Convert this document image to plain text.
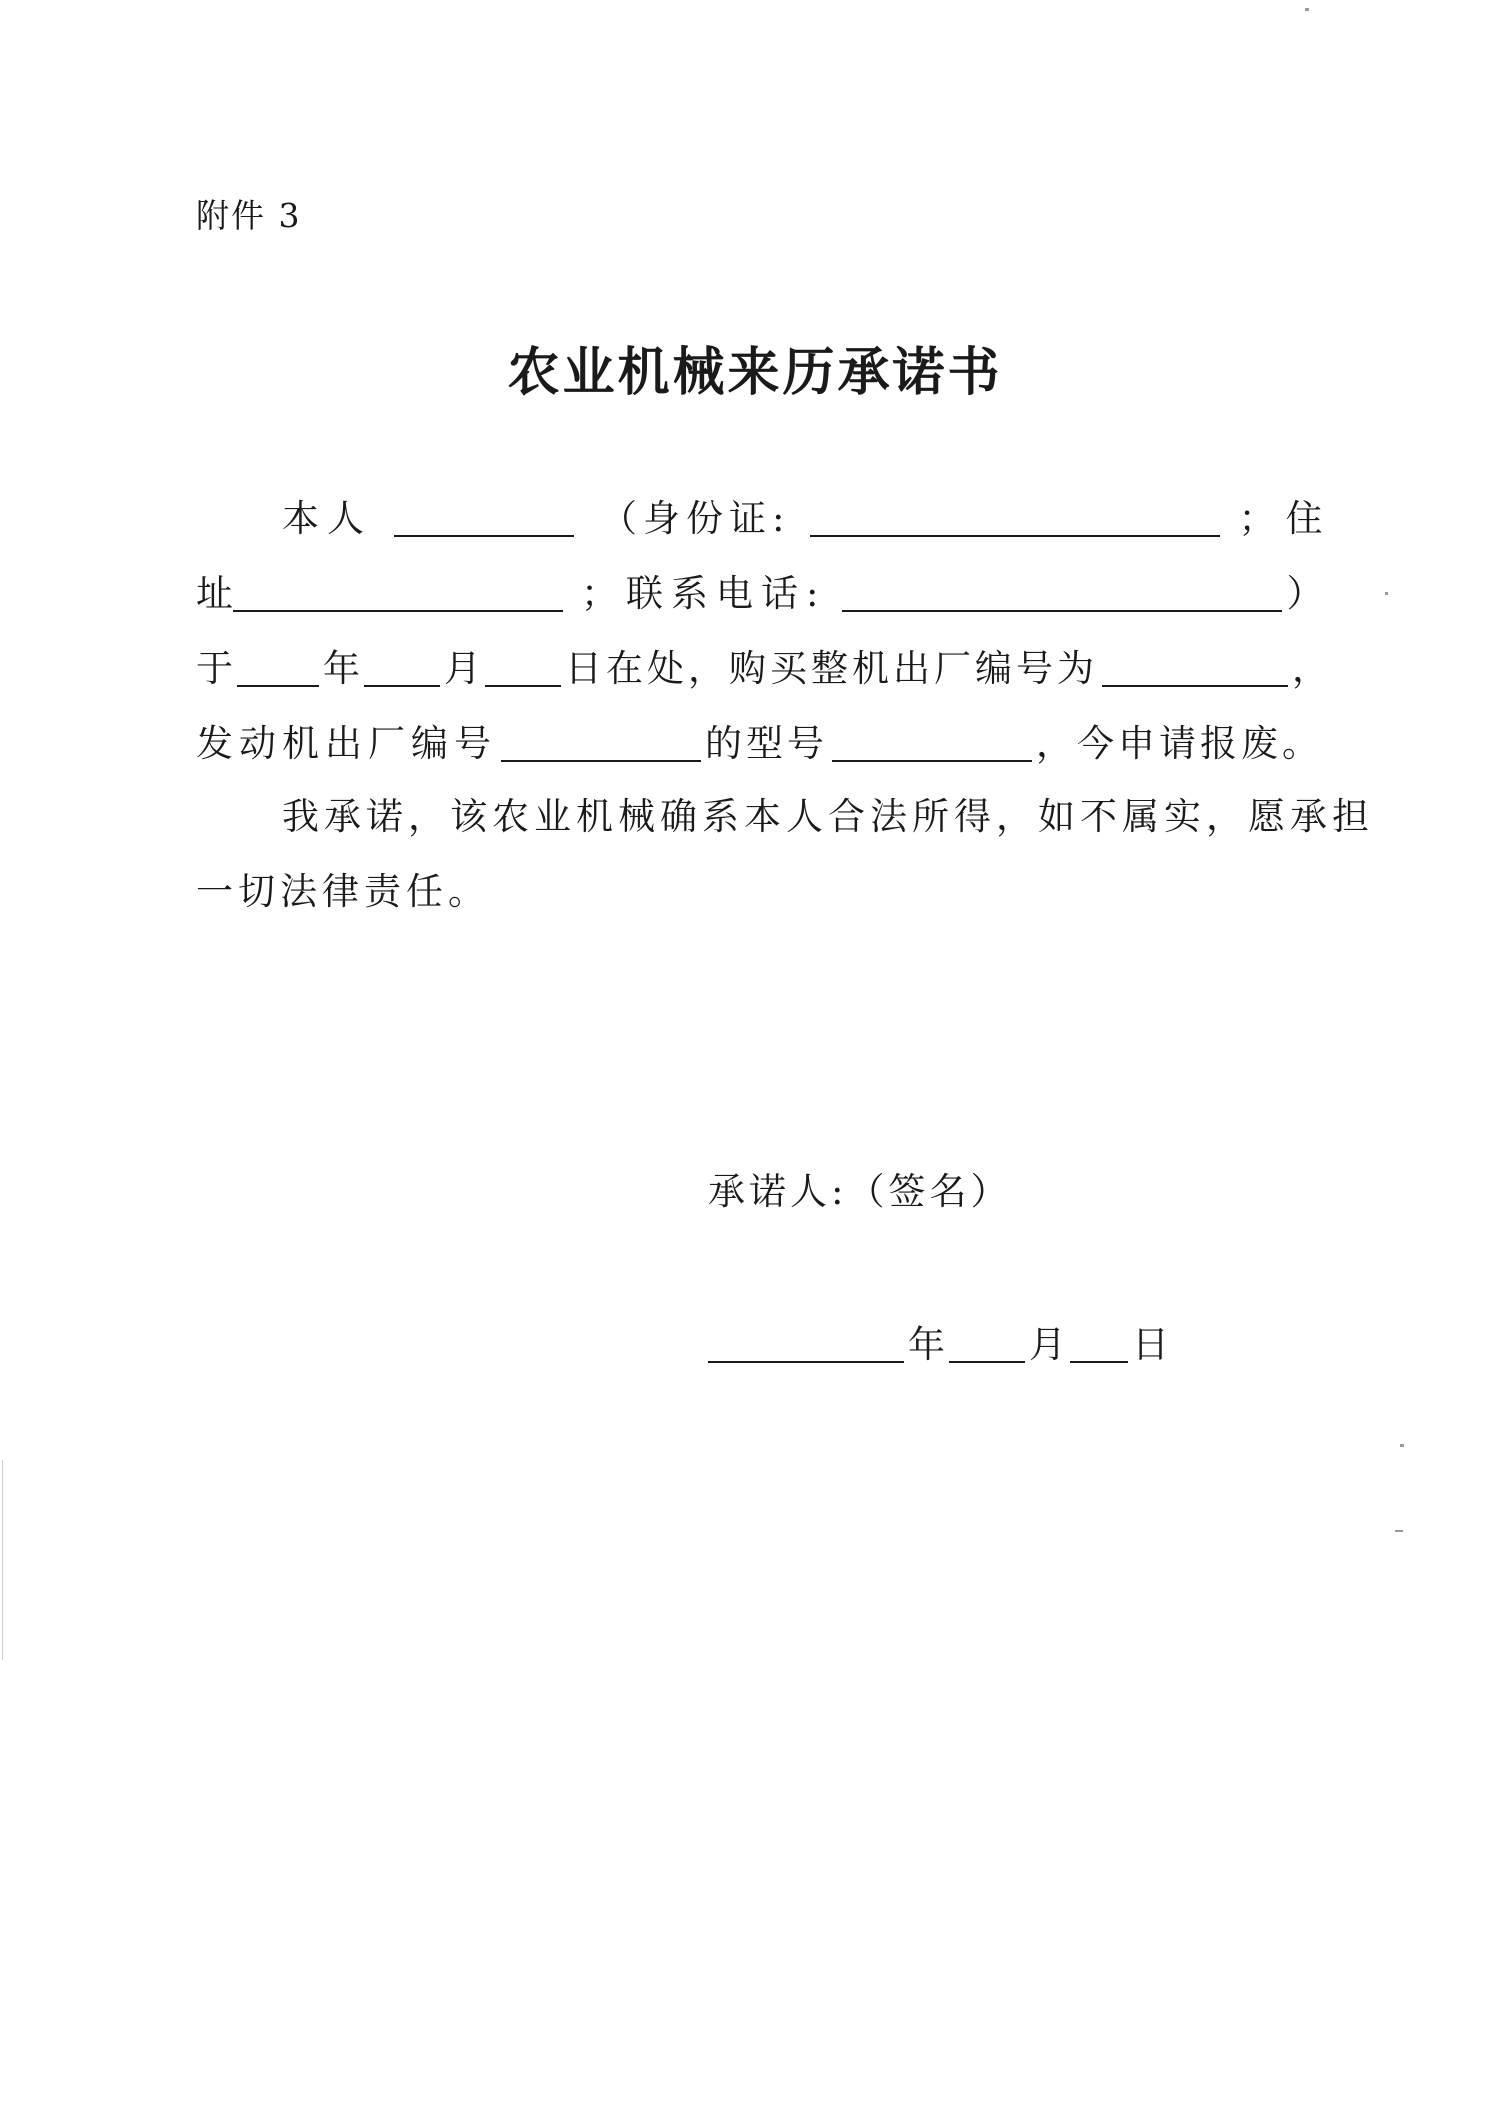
附件 3
农业机械来历承诺书
本人	（身份证:	；住
址	；联系电话:	）
于 年 月 日在处，购买整机出厂编号为	，
发动机出厂编号	的型号	，今申请报废。
我承诺，该农业机械确系本人合法所得，如不属实，愿承担
一切法律责任。
承诺人:（签名）
年 月 日
